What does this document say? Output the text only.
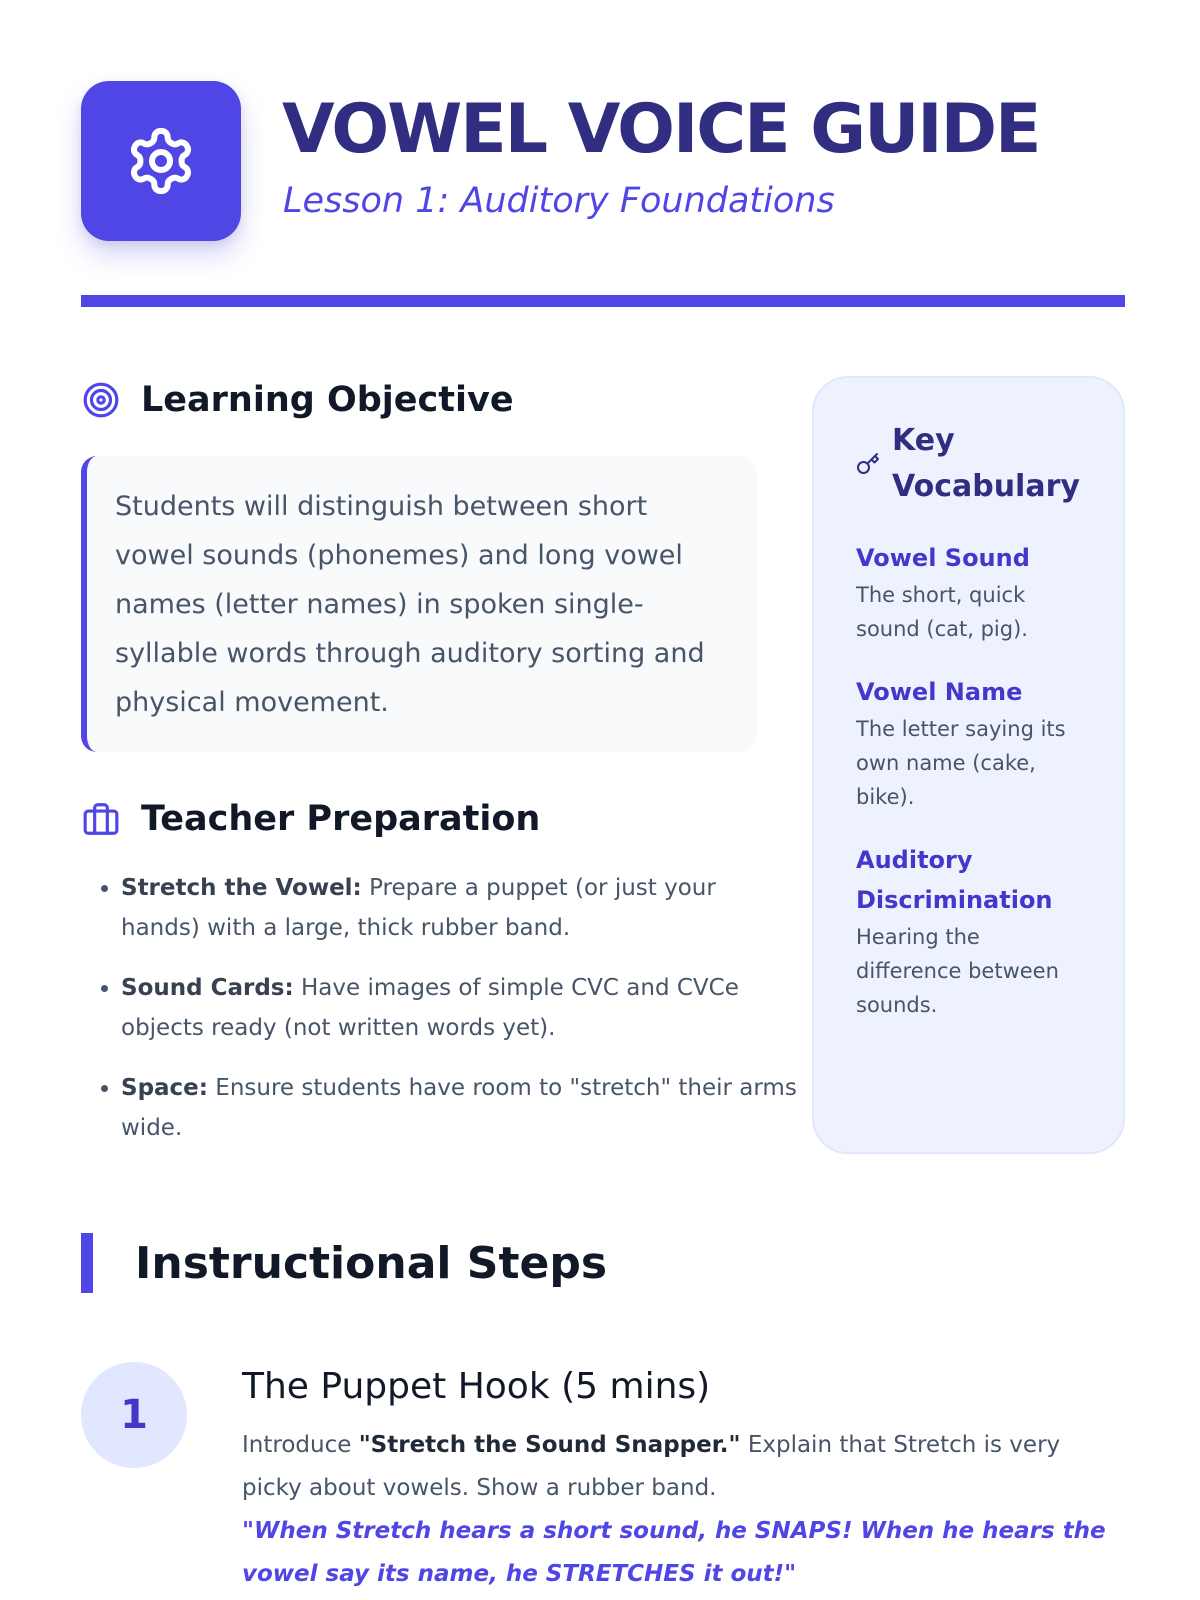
VOWEL VOICE GUIDE

Lesson 1: Auditory Foundations

Learning Objective

Students will distinguish between short vowel sounds (phonemes) and long vowel names (letter names) in spoken single-syllable words through auditory sorting and physical movement.

Teacher Preparation
• Stretch the Vowel: Prepare a puppet (or just your hands) with a large, thick rubber band.
• Sound Cards: Have images of simple CVC and CVCe objects ready (not written words yet).
• Space: Ensure students have room to "stretch" their arms wide.
Key Vocabulary
Vowel Sound
The short, quick sound (cat, pig).
Vowel Name
The letter saying its own name (cake, bike).
Auditory Discrimination
Hearing the difference between sounds.
Instructional Steps
1
The Puppet Hook (5 mins)

Introduce "Stretch the Sound Snapper." Explain that Stretch is very picky about vowels. Show a rubber band.

"When Stretch hears a short sound, he SNAPS! When he hears the vowel say its name, he STRETCHES it out!"
